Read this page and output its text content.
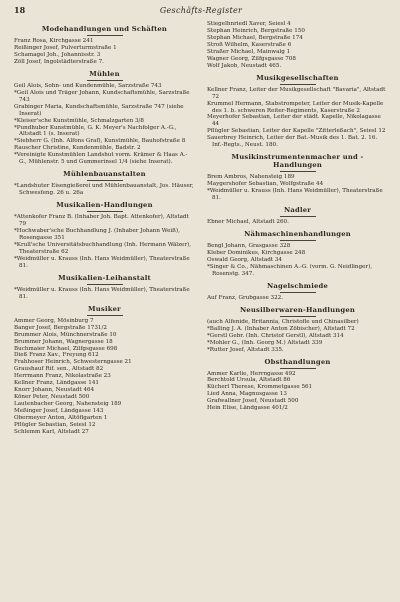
18	Geschäfts-Register
Modehandlungen und Schäften
Franz Rosa, Kirchgasse 241
Reißinger Josef, Pulverturmstraße 1
Schamagel Joh., Johannisstr. 3
Zöll Josef, Ingolstädterstraße 7.
Mühlen
Geil Alois, Sohn- und Kundenmühle, Sarzstraße 743
*Geil Alois und Träger Johann, Kundschaftsmühle, Sarzstraße 743
Grabinger Maria, Kundschaftsmühle, Sarzstraße 747 (siehe Inserat)
*Kleiser'sche Kunstmühle, Schmalzgarten 3/8
*Pundhuber Kunstmühle, G. K. Meyer's Nachfolger A.-G., Altstadt 1 (s. Inserat)
*Siebherr G. (Inh. Alfons Graf), Kunstmühle, Bauhofstraße 8
Rauscher Christine, Kundenmühle, Badstr. 2
*Vereinigte Kunstmühlen Landshut vorm. Krämer & Haas A.-G., Mühlenstr. 5 und Gummerinsel 1/4 (siehe Inserat).
Mühlenbauanstalten
*Landshuter Eisengießerei und Mühlenbauanstalt, Jos. Häuser, Schwesfeng. 26 u. 26a
Musikalien-Handlungen
*Attenkofer Franz B. (Inhaber Joh. Bapt. Attenkofer), Altstadt 79
*Hochwaber'sche Buchhandlung J. (Inhaber Johann Weiß), Rosengasse 351
*Krull'sche Universitätsbuchhandlung (Inh. Hermann Wälzer), Theaterstraße 62
*Weidmüller u. Krauss (Inh. Hans Weidmüller), Theaterstraße 81.
Musikalien-Leihanstalt
*Weidmüller u. Krauss (Inh. Hans Weidmüller), Theaterstraße 81.
Musiker
Ammer Georg, Mösinburg 7
Banger Josef, Bergstraße 1731/2
Brummer Alois, Münchnerstraße 10
Brummer Johann, Wagnergasse 18
Buchmaier Michael, Zilfgsgasse 698
Dieß Franz Xav., Freyung 612
Frahhoser Heinrich, Schwesterngasse 21
Graushauf Rif. sen., Altstadt 82
Herrmann Franz, Nikolastraße 23
Kellner Franz, Ländgasse 141
Knorr Johann, Neustadt 464
Köner Peter, Neustadt 500
Lautenbacher Georg, Nahensteig 189
Meßinger Josef, Ländgasse 143
Obermeyer Anton, Altöflgarten 1
Pflügler Sebastian, Seiesl 12
Schlemm Karl, Altstadt 27
Stiegelhnriedl Xaver, Seiesl 4
Stephan Heinrich, Bergstraße 150
Stephan Michael, Bergstraße 174
Stroß Wilhelm, Kaserstraße 6
Straßer Michael, Mainwalg 1
Wagner Georg, Zilfgsgasse 708
Wolf Jakob, Neustadt 465.
Musikgesellschaften
Kellner Franz, Leiter der Musikgesellschaft "Bavaria", Altstadt 72
Krummel Hermann, Stabstrompeter, Leiter der Musik-Kapelle des 1. b. schweren Reiter-Regiments, Kaserstraße 2
Meyerhofer Sebastian, Leiter der städt. Kapelle, Nikolagasse 44
Pflügler Sebastian, Leiter der Kapelle "Zitterleßach", Seiesl 12
Sauerbrey Heinrich, Leiter der Bat.-Musik des 1. Bat. 2. 16. Inf.-Regts., Neust. 180.
Musikinstrumentenmacher und -Handlungen
Brem Ambros, Nahensteig 189
Maygershofer Sebastian, Wolfgstraße 44
*Weidmüller u. Krauss (Inh. Hans Weidmüller), Theaterstraße 81.
Nadler
Ebner Michael, Altstadt 260.
Nähmaschinenhandlungen
Bengl Johann, Grasgasse 328
Kleber Dominikus, Kirchgasse 248
Oswald Georg, Altstadt 34
*Singer & Co., Nähmaschinen A.-G. (vorm. G. Neidlinger), Rosenstg. 347.
Nagelschmiede
Auf Franz, Grubgasse 322.
Neusilberwaren-Handlungen
(auch Alfenide, Britannia, Christofle und Chinasilber)
*Balling J. A. (Inhaber Anton Zöbischer), Altstadt 72
*Gerstl Gebr. (Inh. Christof Gerstl), Altstadt 314
*Mohler G., (Inh. Georg M.) Altstadt 339
*Rutter Josef, Altstadt 335.
Obsthandlungen
Ammer Karlie, Herrngasse 492
Berchtold Ursula, Altstadt 86
Kücherl Therese, Krommetgasse 561
Lied Anna, Magnusgasse 13
Grafwallner Josef, Neustadt 500
Hein Elise, Ländgasse 401/2
